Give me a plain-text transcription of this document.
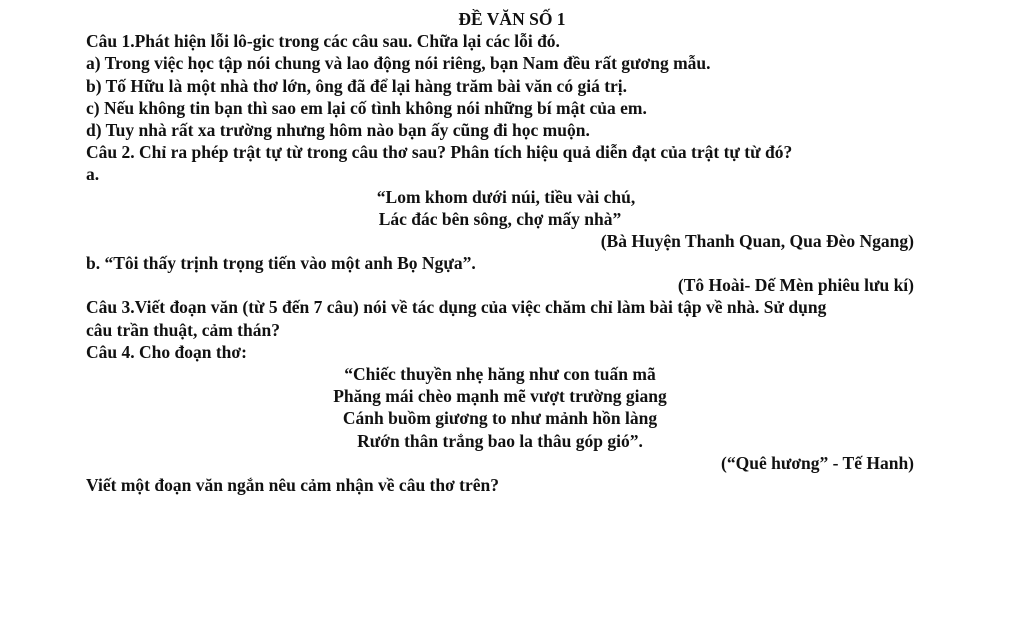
ĐỀ VĂN SỐ 1
Câu 1.Phát hiện lỗi lô-gic trong các câu sau. Chữa lại các lỗi đó.
a) Trong việc học tập nói chung và lao động nói riêng, bạn Nam đều rất gương mẫu.
b) Tố Hữu là một nhà thơ lớn, ông đã để lại hàng trăm bài văn có giá trị.
c) Nếu không tin bạn thì sao em lại cố tình không nói những bí mật của em.
d) Tuy nhà rất xa trường nhưng hôm nào bạn ấy cũng đi học muộn.
Câu 2. Chỉ ra phép trật tự từ trong câu thơ sau? Phân tích hiệu quả diễn đạt của trật tự từ đó?
a.
“Lom khom dưới núi, tiều vài chú,
Lác đác bên sông, chợ mấy nhà”
(Bà Huyện Thanh Quan, Qua Đèo Ngang)
b. “Tôi thấy trịnh trọng tiến vào một anh Bọ Ngựa”.
(Tô Hoài- Dế Mèn phiêu lưu kí)
Câu 3.Viết đoạn văn (từ 5 đến 7 câu) nói về tác dụng của việc chăm chỉ làm bài tập về nhà. Sử dụng
câu trần thuật, cảm thán?
Câu 4. Cho đoạn thơ:
“Chiếc thuyền nhẹ hăng như con tuấn mã
Phăng mái chèo mạnh mẽ vượt trường giang
Cánh buồm giương to như mảnh hồn làng
Rướn thân trắng bao la thâu góp gió”.
(“Quê hương” - Tế Hanh)
Viết một đoạn văn ngắn nêu cảm nhận về câu thơ trên?
